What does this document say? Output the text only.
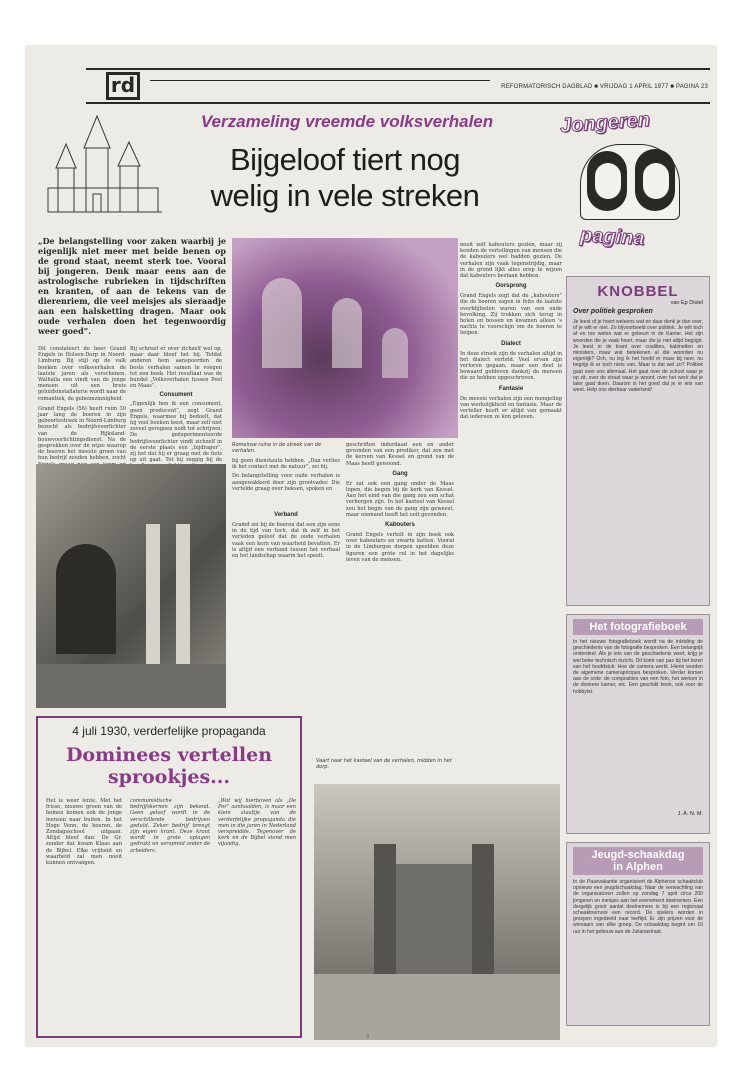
rd	REFORMATORISCH DAGBLAD ■ VRIJDAG 1 APRIL 1977 ■ PAGINA 23
Verzameling vreemde volksverhalen
Bijgeloof tiert nog
welig in vele streken
Jongeren
pagina
„De belangstelling voor zaken waarbij je eigenlijk niet meer met beide benen op de grond staat, neemt sterk toe. Vooral bij jongeren. Denk maar eens aan de astrologische rubrieken in tijdschriften en kranten, of aan de tekens van de dierenriem, die veel meisjes als sieraadje aan een halsketting dragen. Maar ook oude verhalen doen het tegenwoordig weer goed”.

Dit constateert de heer Grand Engels in Holsen-Dorp in Noord-Limburg. Bij stijl op de valk boeken over volksverhalen de laatste jaren als verschenen. Walhalla een vindt van de jonge mensen uit een bruis geluidsinstallaterie wordt naar de romantiek, de geheimzinnigheid.

Grand Engels (56) heeft ruim 30 jaar lang de boeren in zijn geboortestreek in Noord-Limburg bezocht als bedrijfsvoorlichter van de Rijksland-bouwvoorlichtingsdienst. Na de gesprekken over de wijze waarop de boeren het meeste groen van hun bedrijf zouden hebben, zocht

Bij schreef er over zichzelf wel op, maar daar bleef het bij. Totdat anderen hem aanspoorden de beste verhalen samen te voegen tot een boek. Het resultaat was de bundel „Volksverhalen tussen Peel en Maas”.

Consument

„Eigenlijk ben ik een consument, geen producent”, zegt Grand Engels, waarmee hij bedoelt, dat hij veel boeken leest, maar zelf niet zoveel geregeen nodt tot schrijven. De geëxperimenteerde bedrijfsvoorlichter vindt zichzelf in de eerste plaats een „bijdrager”, zij het dat hij er graag met de fiets op uit gaat. Tot hij zeggig bij de

Romeinse ruïne in de streek van de verhalen.

bij geen dienstauto hebben. „Dan verlies ik het contact met de natuur”, zei hij.

De belangstelling voor oude verhalen is aangewakkerd door zijn grootvader. Die vertelde graag over heksen, spoken en

geschriften inderdaad een en ander gevonden van een prediker, dat zou met de kerven van Kessel en grond van de Maas heeft gewoond.

Gang

Er zat ook een gang onder de Maas lopen, die begon bij de kerk van Kessel. Aan het eind van die gang zou een schat verborgen zijn. In het kasteel van Kessel zou het begin van de gang zijn geweest, maar niemand heeft het ooit gevonden.

Kabouters

Grand Engels vertelt in zijn boek ook over kabouters en zwarte katten. Vooral in de Limburgse dorpen speelden deze figuren een grote rol in het dagelijks leven van de mensen.

nooit zelf kabouters gezien, maar zij kenden de vertellingen van mensen die de kabouters wel hadden gezien. De verhalen zijn vaak tegenstrijdig, maar in de grond lijkt alles erop te wijzen dat kabouters bestaan hebben.

Oorsprong

Grand Engels zegt dat de „kabouters” die de boeren zagen in feite de laatste overblijfselen waren van een oude bevolking. Zij trokken zich terug in holen en bossen en kwamen alleen 's nachts te voorschijn om de boeren te helpen.

Dialect

In deze streek zijn de verhalen altijd in het dialect verteld. Veel ervan zijn verloren gegaan, maar een deel is bewaard gebleven dankzij de mensen die ze hebben opgeschreven.

Fantasie

De meeste verhalen zijn een mengeling van werkelijkheid en fantasie. Maar de verteller heeft er altijd van gemaakt dat iedereen ze kon geloven.

Verband

Gramd zei bij de boeren dat een zijn eens in de tijd van toch, dat ik zelf in het verleden geloof dat de oude verhalen vaak een kern van waarheid bevatten. Er is altijd een verband tussen het verhaal en het landschap waarin het speelt.

Vaart naar het kasteel van de verhalen, midden in het dorp.
4 juli 1930, verderfelijke propaganda
Dominees vertellen
sprookjes...
Het is weer lente. Met het frisse, nieuwe groen van de bomen komen ook de jonge mensen naar buiten. In het Hoge Venn, de boeren, de Zondagsschool uitgaan. Altijd bleef dan: De Gr. zonder dat kwam Klaas aan de Bijbel. Elke vrijheid en waarheid zal men nooit kunnen ontvangen.
communistische bedrijfskernen zijn bekend. Geen geloof wordt in de verschillende bedrijven geduld. Zeker bedrijf brengt zijn eigen krant. Deze krant wordt in grote oplagen gedrukt en verspreid onder de arbeiders.
„Wat wij hierboven als „De Por” aanhaalden, is maar een klein staaltje van de verderfelijke propaganda die men in die jaren in Nederland verspreidde. Tegenover de kerk en de Bijbel stond men vijandig.
KNOBBEL
van Ep Distel
Over politiek gesproken
Je leest of je hoort weleens wat en daar denk je dan over, of je wilt er niet. Zo bijvoorbeeld over politiek. Je wilt toch af en toe weten wat er gebeurt in de Kamer. Het zijn woorden die je vaak hoort, maar die je niet altijd begrijpt. Je leest in de krant over coalities, kabinetten en ministers, maar wat betekenen al die woorden nu eigenlijk? Och, nu leg ik het hoofd er maar bij neer, nu begrijp ik er toch niets van. Maar is dat wel zo? Politiek gaat over ons allemaal. Het gaat over de school waar je op zit, over de straat waar je woont, over het werk dat je later gaat doen. Daarom is het goed dat je er iets van weet. Help ons dierbaar vaderland!
Het fotografieboek
In het nieuwe fotografieboek wordt na de inleiding de geschiedenis van de fotografie besproken. Een belangrijk onderdeel. Als je iets van de geschiedenis weet, krijg je wel beter technisch inzicht. Dit komt van pas bij het lezen van het hoofdstuk: Hoe de camera werkt. Hierin worden de algemene camerapricipes besproken. Verder komen aan de orde: de composities van een foto, het werken in de donkere kamer, etc. Een geschikt boek, ook voor de hobbyist.
J. A. N. M.
Jeugd-schaakdag
in Alphen
In de Paasvakantie organiseert de Alphense schaakclub opnieuw een jeugdschaakdag. Naar de verwachting van de organisatoren zullen op zondag 7 april circa 200 jongeren en meisjes aan het evenement deelnemen. Een dergelijk groot aantal deelnemers is bij een regionaal schaaktoernooi een record. De spelers worden in groepen ingedeeld naar leeftijd. Er zijn prijzen voor de winnaars van elke groep. De schaakdag begint om 10 uur in het gebouw aan de Julianastraat.
6
